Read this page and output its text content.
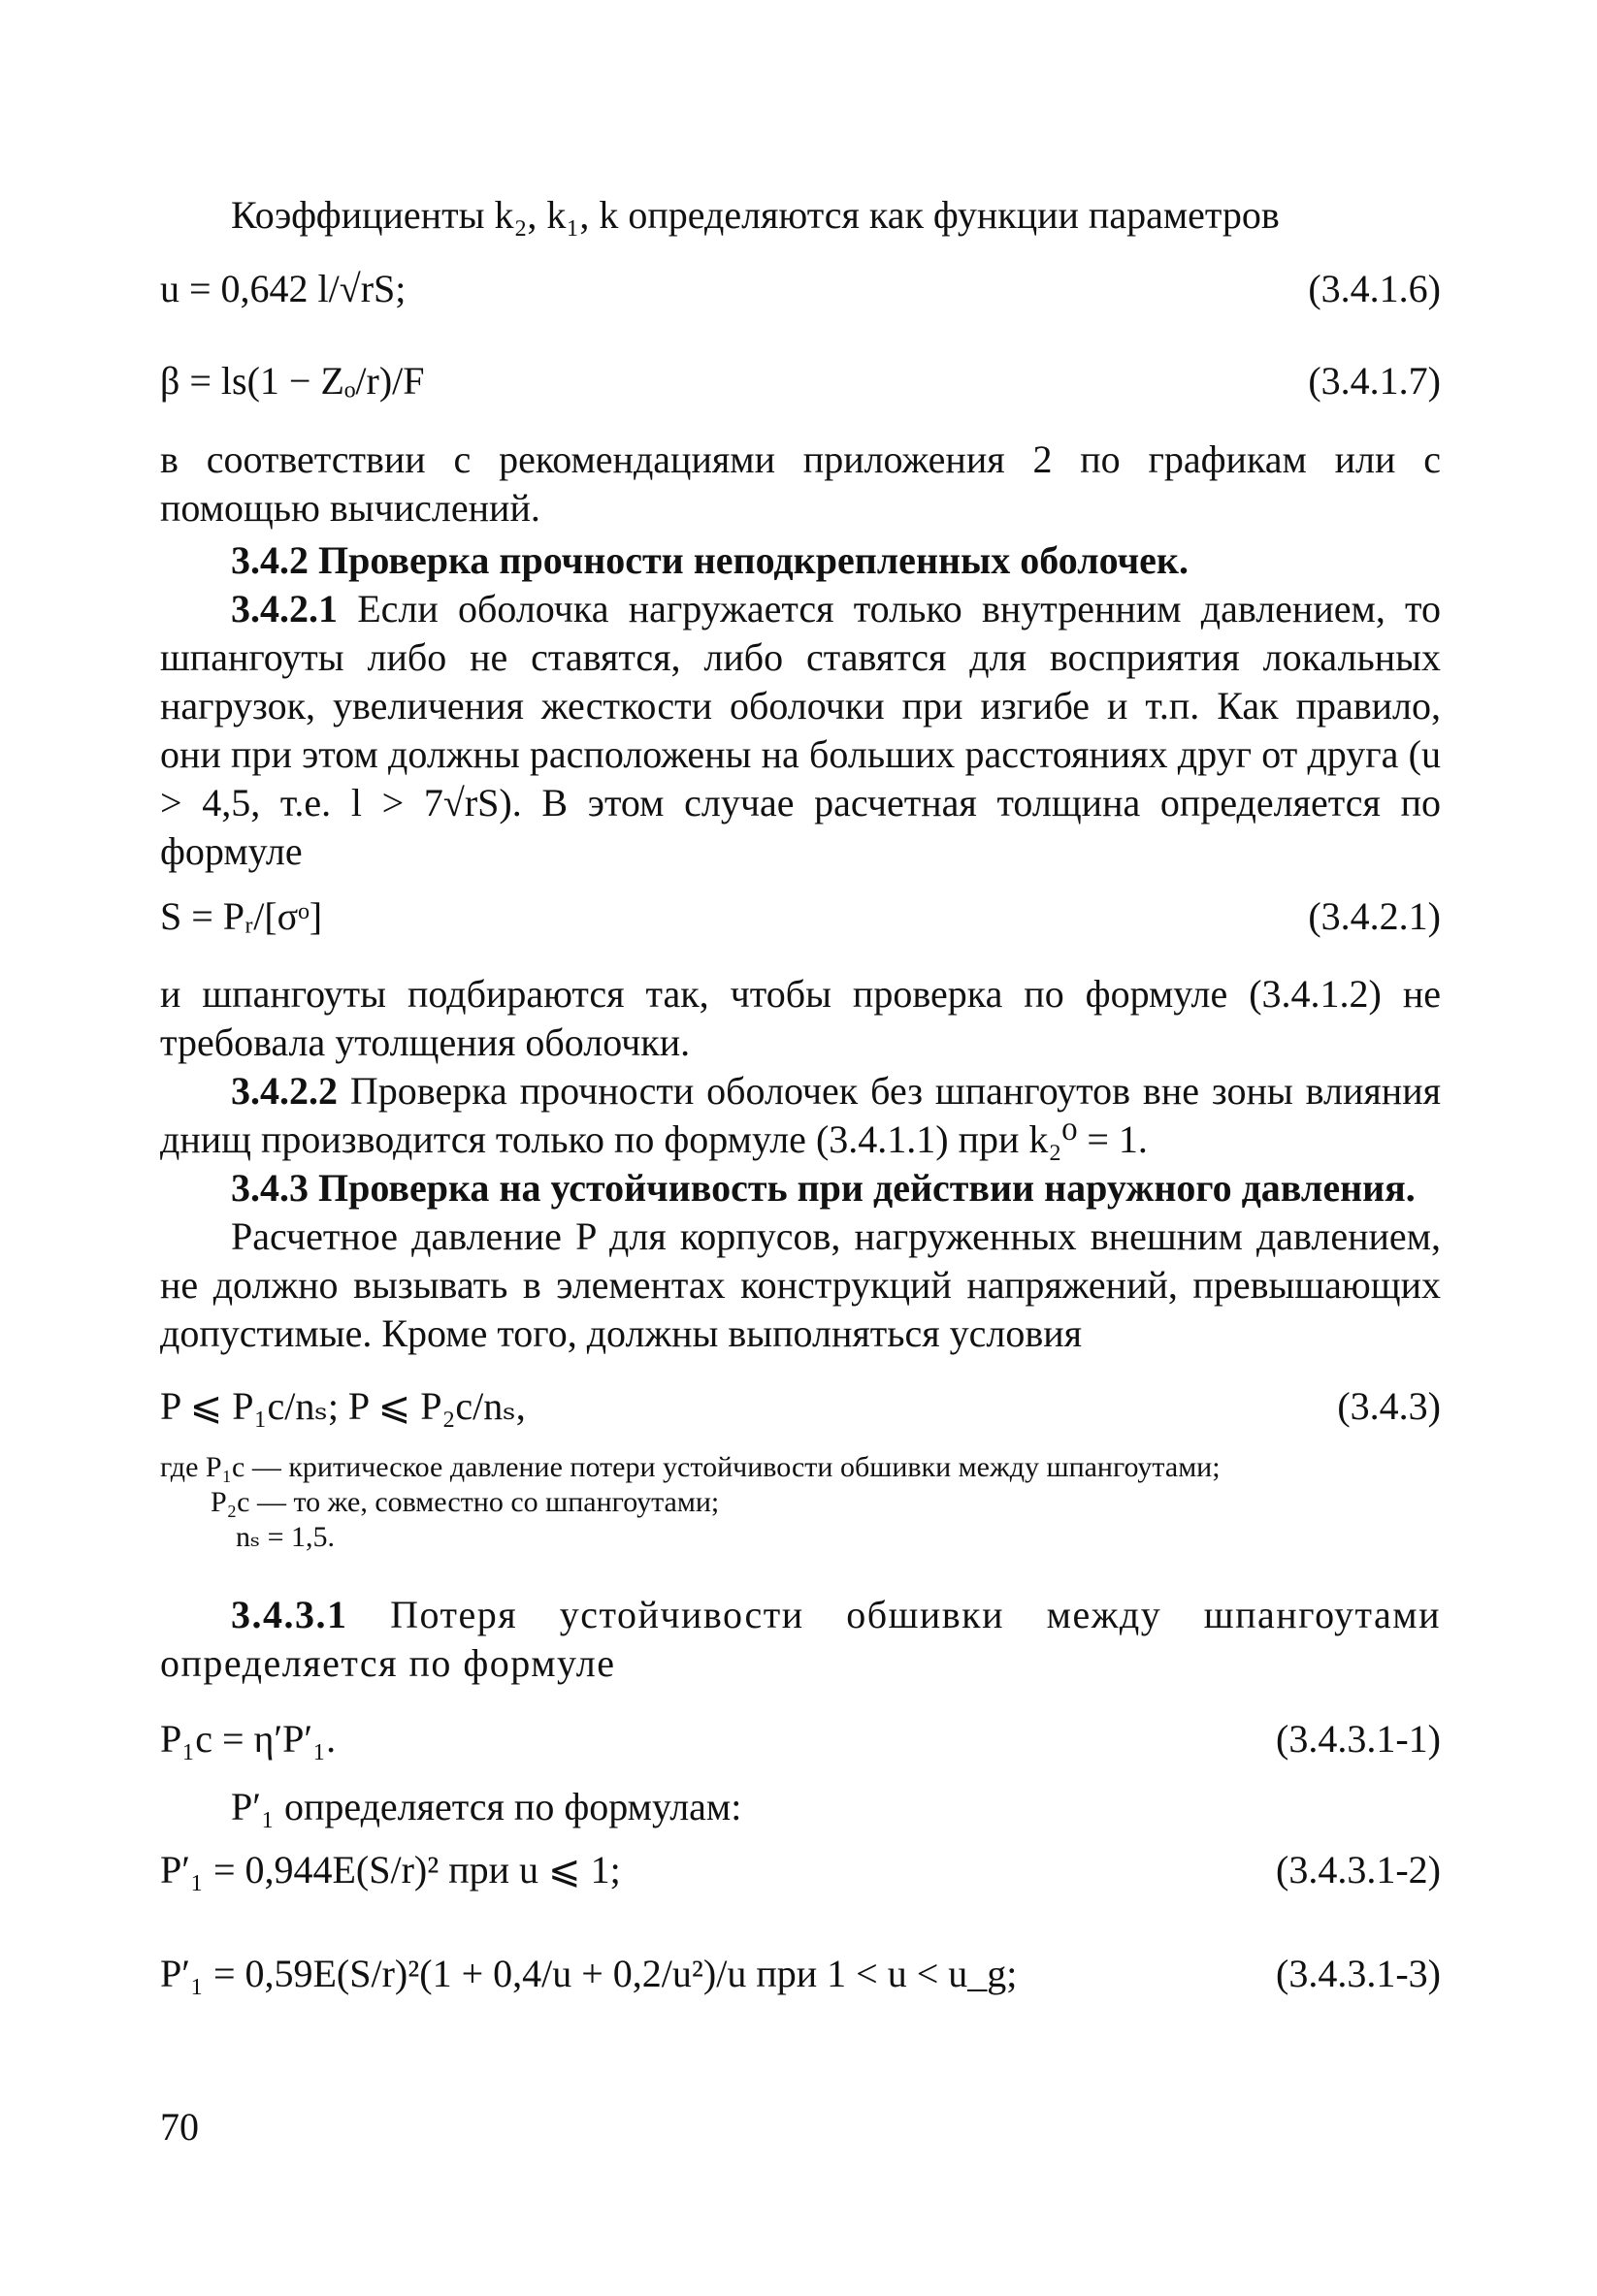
Коэффициенты k₂, k₁, k определяются как функции параметров

u = 0,642 l/√rS;	(3.4.1.6)
β = ls(1 − Zₒ/r)/F	(3.4.1.7)

в соответствии с рекомендациями приложения 2 по графикам или с помощью вычислений.

3.4.2 Проверка прочности неподкрепленных оболочек.

3.4.2.1 Если оболочка нагружается только внутренним давлением, то шпангоуты либо не ставятся, либо ставятся для восприятия локальных нагрузок, увеличения жесткости оболочки при изгибе и т.п. Как правило, они при этом должны расположены на больших расстояниях друг от друга (u > 4,5, т.е. l > 7√rS). В этом случае расчетная толщина определяется по формуле

S = Pᵣ/[σᵒ]	(3.4.2.1)

и шпангоуты подбираются так, чтобы проверка по формуле (3.4.1.2) не требовала утолщения оболочки.

3.4.2.2 Проверка прочности оболочек без шпангоутов вне зоны влияния днищ производится только по формуле (3.4.1.1) при k₂⁰ = 1.

3.4.3 Проверка на устойчивость при действии наружного давления.

Расчетное давление P для корпусов, нагруженных внешним давлением, не должно вызывать в элементах конструкций напряжений, превышающих допустимые. Кроме того, должны выполняться условия

P ⩽ P₁c/nₛ; P ⩽ P₂c/nₛ,	(3.4.3)
где P₁c — критическое давление потери устойчивости обшивки между шпангоутами;
P₂c — то же, совместно со шпангоутами;
nₛ = 1,5.

3.4.3.1 Потеря устойчивости обшивки между шпангоутами определяется по формуле

P₁c = η′P′₁.	(3.4.3.1-1)

P′₁ определяется по формулам:

P′₁ = 0,944E(S/r)² при u ⩽ 1;	(3.4.3.1-2)
P′₁ = 0,59E(S/r)²(1 + 0,4/u + 0,2/u²)/u при 1 < u < u_g;	(3.4.3.1-3)
70
